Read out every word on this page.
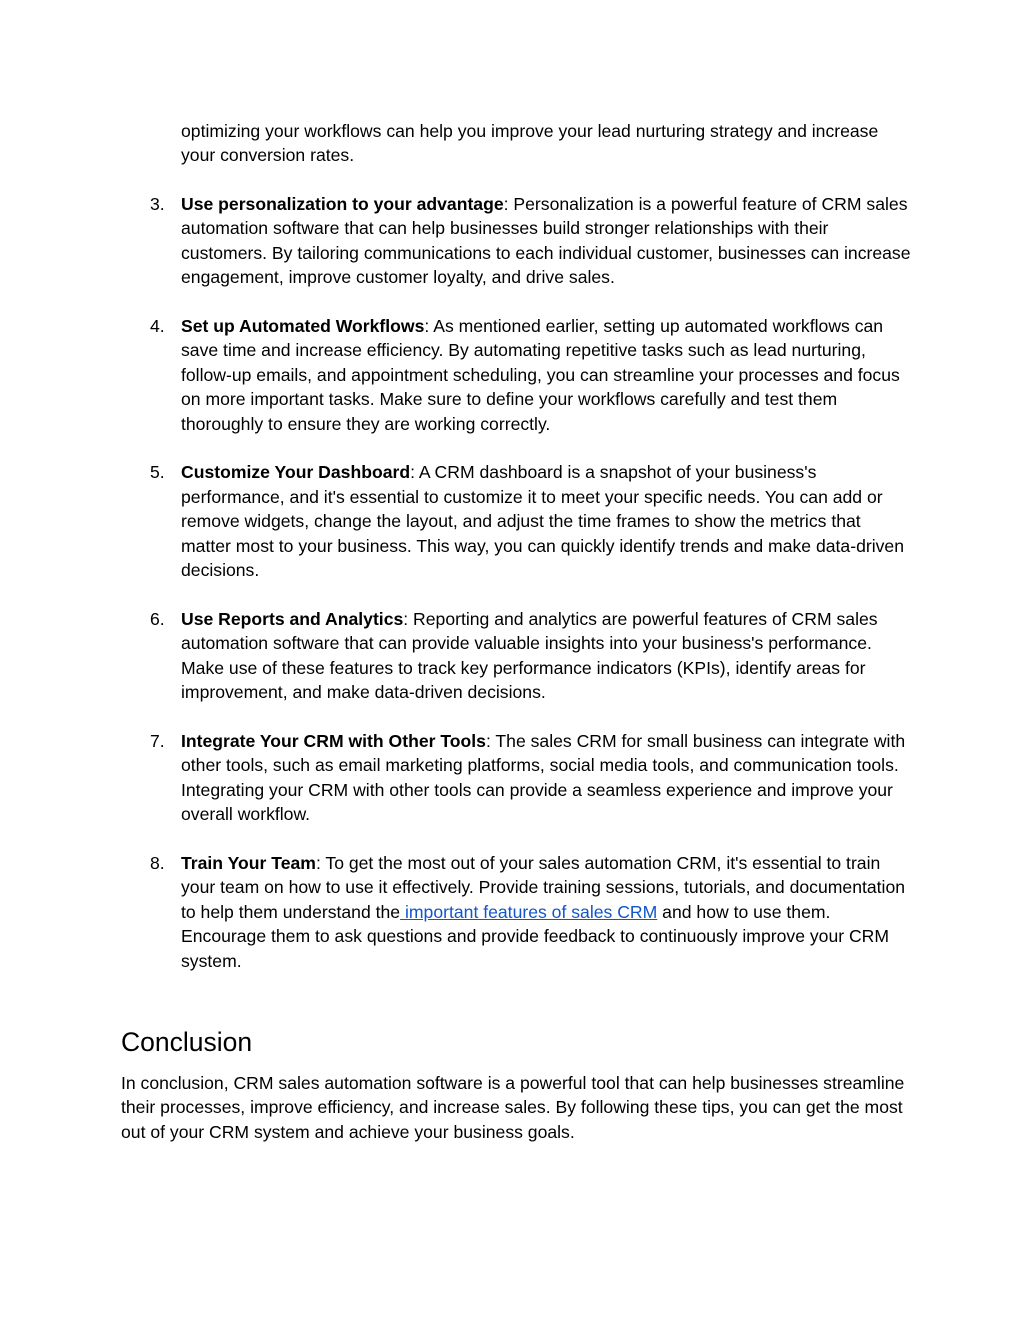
optimizing your workflows can help you improve your lead nurturing strategy and increase your conversion rates.

3. Use personalization to your advantage: Personalization is a powerful feature of CRM sales automation software that can help businesses build stronger relationships with their customers. By tailoring communications to each individual customer, businesses can increase engagement, improve customer loyalty, and drive sales.
4. Set up Automated Workflows: As mentioned earlier, setting up automated workflows can save time and increase efficiency. By automating repetitive tasks such as lead nurturing, follow-up emails, and appointment scheduling, you can streamline your processes and focus on more important tasks. Make sure to define your workflows carefully and test them thoroughly to ensure they are working correctly.
5. Customize Your Dashboard: A CRM dashboard is a snapshot of your business's performance, and it's essential to customize it to meet your specific needs. You can add or remove widgets, change the layout, and adjust the time frames to show the metrics that matter most to your business. This way, you can quickly identify trends and make data-driven decisions.
6. Use Reports and Analytics: Reporting and analytics are powerful features of CRM sales automation software that can provide valuable insights into your business's performance. Make use of these features to track key performance indicators (KPIs), identify areas for improvement, and make data-driven decisions.
7. Integrate Your CRM with Other Tools: The sales CRM for small business can integrate with other tools, such as email marketing platforms, social media tools, and communication tools. Integrating your CRM with other tools can provide a seamless experience and improve your overall workflow.
8. Train Your Team: To get the most out of your sales automation CRM, it's essential to train your team on how to use it effectively. Provide training sessions, tutorials, and documentation to help them understand the important features of sales CRM and how to use them. Encourage them to ask questions and provide feedback to continuously improve your CRM system.
Conclusion

In conclusion, CRM sales automation software is a powerful tool that can help businesses streamline their processes, improve efficiency, and increase sales. By following these tips, you can get the most out of your CRM system and achieve your business goals.
